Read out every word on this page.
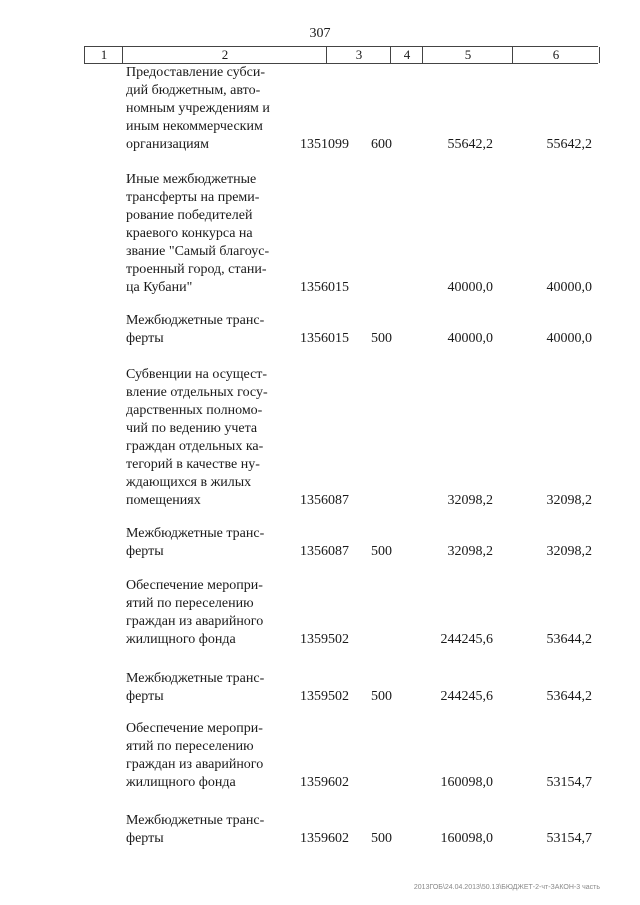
307
1	2	3	4	5	6
Предоставление субси-
дий бюджетным, авто-
номным учреждениям и
иным некоммерческим
организациям	1351099 600	55642,2	55642,2
Иные межбюджетные
трансферты на преми-
рование победителей
краевого конкурса на
звание "Самый благоус-
троенный город, стани-
ца Кубани"	1356015	40000,0	40000,0
Межбюджетные транс-
ферты	1356015 500	40000,0	40000,0
Субвенции на осущест-
вление отдельных госу-
дарственных полномо-
чий по ведению учета
граждан отдельных ка-
тегорий в качестве ну-
ждающихся в жилых
помещениях	1356087	32098,2	32098,2
Межбюджетные транс-
ферты	1356087 500	32098,2	32098,2
Обеспечение меропри-
ятий по переселению
граждан из аварийного
жилищного фонда	1359502	244245,6	53644,2
Межбюджетные транс-
ферты	1359502 500	244245,6	53644,2
Обеспечение меропри-
ятий по переселению
граждан из аварийного
жилищного фонда	1359602	160098,0	53154,7
Межбюджетные транс-
ферты	1359602 500	160098,0	53154,7
2013ГОБ\24.04.2013\50.13\БЮДЖЕТ-2-чт-ЗАКОН-3 часть
